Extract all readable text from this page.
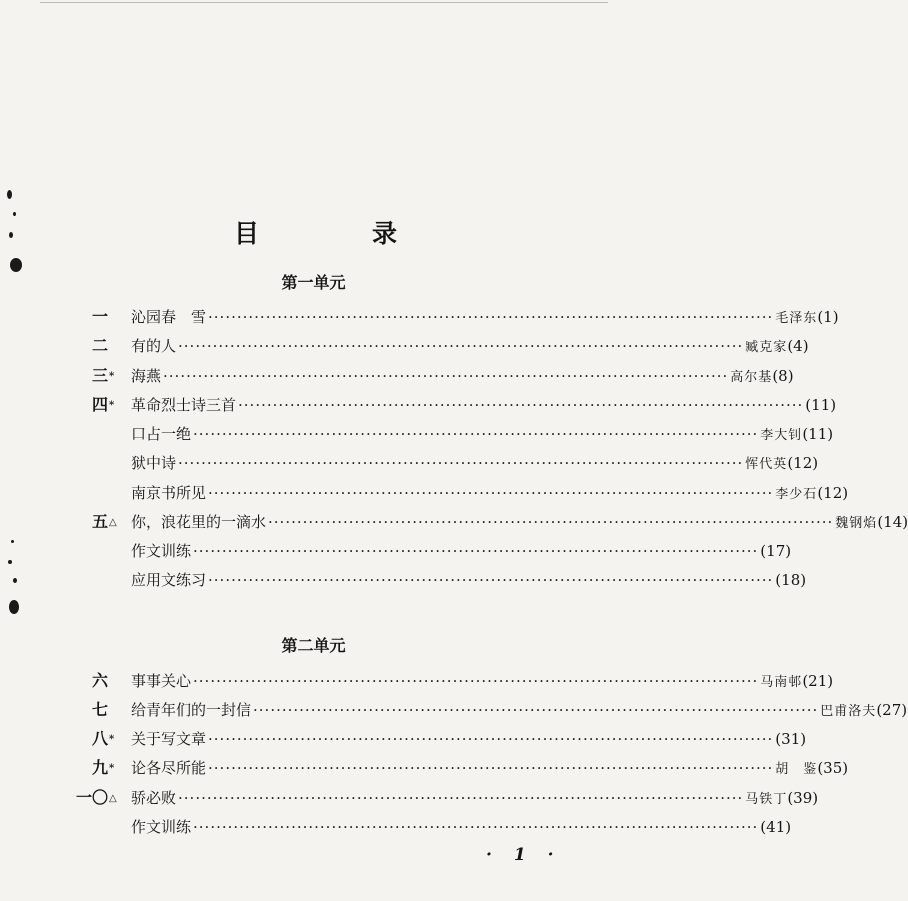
目　录
第一单元
一 沁园春　雪 ·································································································· 毛泽东 (1)
二 有的人 ·································································································· 臧克家 (4)
三* 海燕 ·································································································· 高尔基 (8)
四* 革命烈士诗三首 ·································································································· (11)
口占一绝 ·································································································· 李大钊 (11)
狱中诗 ·································································································· 恽代英 (12)
南京书所见 ·································································································· 李少石 (12)
五△ 你，浪花里的一滴水 ·································································································· 魏钢焰 (14)
作文训练 ·································································································· (17)
应用文练习 ·································································································· (18)
第二单元
六 事事关心 ·································································································· 马南邨 (21)
七 给青年们的一封信 ·································································································· 巴甫洛夫 (27)
八* 关于写文章 ·································································································· (31)
九* 论各尽所能 ·································································································· 胡　鉴 (35)
一〇△ 骄必败 ·································································································· 马铁丁 (39)
作文训练 ·································································································· (41)
· 1 ·
